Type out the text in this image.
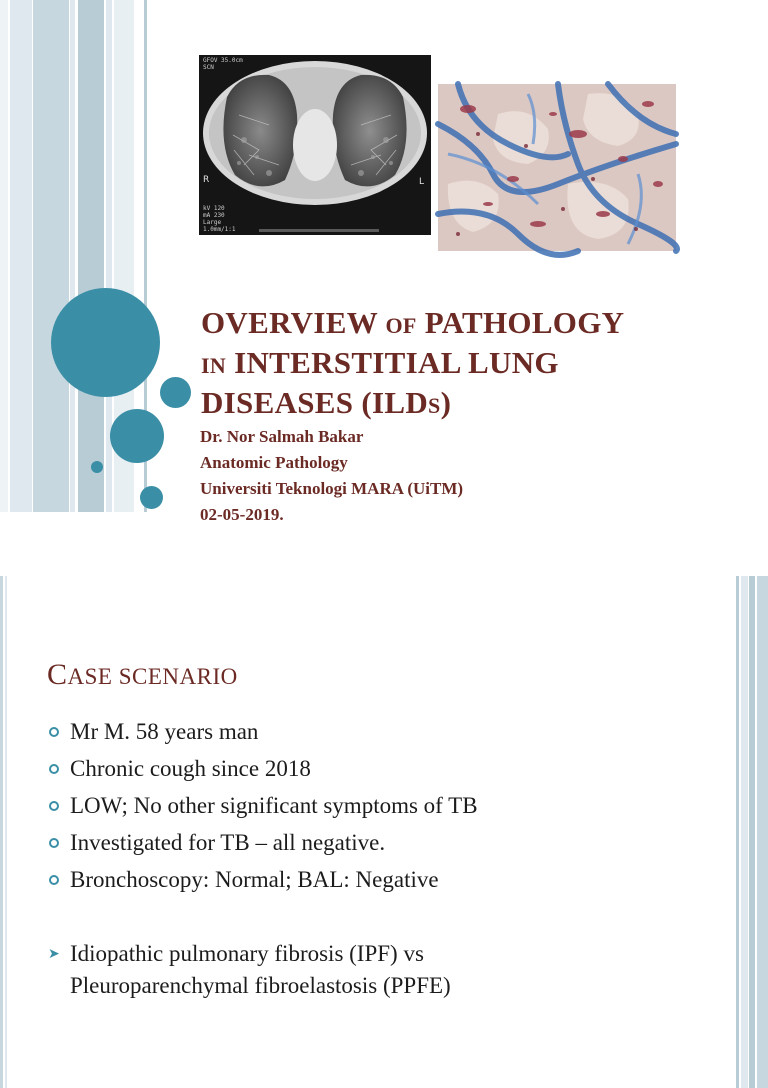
GFOV 35.0cm
SCN
kV 120
mA 230
Large
1.0mm/1:1
R	L
OVERVIEW OF PATHOLOGY
IN INTERSTITIAL LUNG
DISEASES (ILDS)
Dr. Nor Salmah Bakar
Anatomic Pathology
Universiti Teknologi MARA (UiTM)
02-05-2019.
CASE SCENARIO
Mr M. 58 years man
Chronic cough since 2018
LOW; No other significant symptoms of TB
Investigated for TB – all negative.
Bronchoscopy: Normal; BAL: Negative
➤ Idiopathic pulmonary fibrosis (IPF) vs
Pleuroparenchymal fibroelastosis (PPFE)
